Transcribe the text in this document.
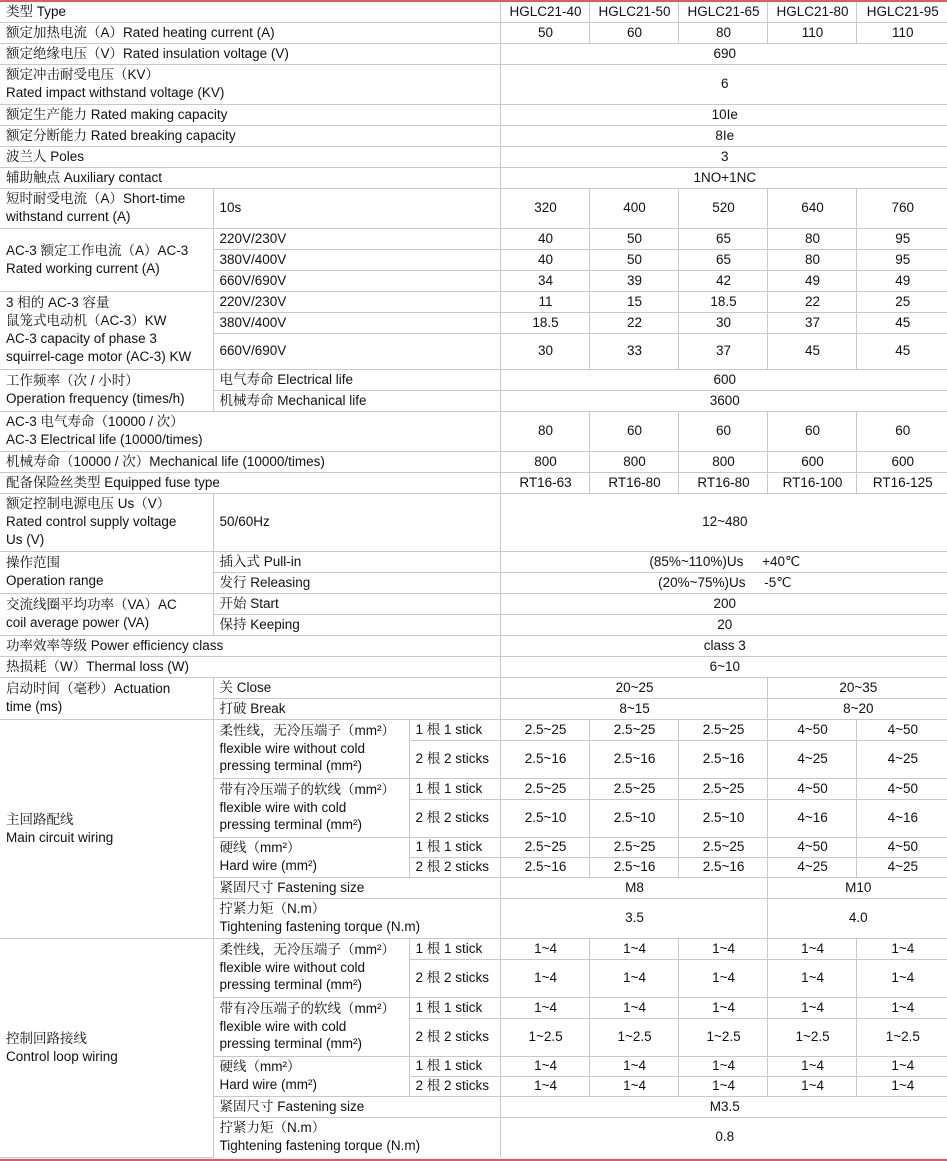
类型 Type			HGLC21-40	HGLC21-50	HGLC21-65	HGLC21-80	HGLC21-95
额定加热电流（A）Rated heating current (A)			50	60	80	110	110
额定绝缘电压（V）Rated insulation voltage (V)			690				

额定冲击耐受电压（KV）
Rated impact withstand voltage (KV)			6				
额定生产能力 Rated making capacity			10Ie				
额定分断能力 Rated breaking capacity			8Ie				
波兰人 Poles			3				
辅助触点 Auxiliary contact			1NO+1NC				

短时耐受电流（A）Short-time
withstand current (A)	10s		320	400	520	640	760

AC-3 额定工作电流（A）AC-3
Rated working current (A)	220V/230V		40	50	65	80	95
	380V/400V		40	50	65	80	95
	660V/690V		34	39	42	49	49

3 相的 AC-3 容量
鼠笼式电动机（AC-3）KW
AC-3 capacity of phase 3
squirrel-cage motor (AC-3) KW	220V/230V		11	15	18.5	22	25
	380V/400V		18.5	22	30	37	45
	660V/690V		30	33	37	45	45

工作频率（次 / 小时）
Operation frequency (times/h)	电气寿命 Electrical life		600				
	机械寿命 Mechanical life		3600				

AC-3 电气寿命（10000 / 次）
AC-3 Electrical life (10000/times)			80	60	60	60	60
机械寿命（10000 / 次）Mechanical life (10000/times)			800	800	800	600	600
配备保险丝类型 Equipped fuse type			RT16-63	RT16-80	RT16-80	RT16-100	RT16-125

额定控制电源电压 Us（V）
Rated control supply voltage
Us (V)	50/60Hz		12~480				

操作范围
Operation range	插入式 Pull-in		(85%~110%)Us +40℃				
	发行 Releasing		(20%~75%)Us -5℃				

交流线圈平均功率（VA）AC
coil average power (VA)	开始 Start		200				
	保持 Keeping		20				
功率效率等级 Power efficiency class			class 3				
热损耗（W）Thermal loss (W)			6~10				

启动时间（毫秒）Actuation
time (ms)	关 Close		20~25			20~35	
	打破 Break		8~15			8~20	

主回路配线
Main circuit wiring	柔性线，无冷压端子（mm²）
flexible wire without cold
pressing terminal (mm²)	1 根 1 stick	2.5~25	2.5~25	2.5~25	4~50	4~50
		2 根 2 sticks	2.5~16	2.5~16	2.5~16	4~25	4~25

	带有冷压端子的软线（mm²）
flexible wire with cold
pressing terminal (mm²)	1 根 1 stick	2.5~25	2.5~25	2.5~25	4~50	4~50
		2 根 2 sticks	2.5~10	2.5~10	2.5~10	4~16	4~16

	硬线（mm²）
Hard wire (mm²)	1 根 1 stick	2.5~25	2.5~25	2.5~25	4~50	4~50
		2 根 2 sticks	2.5~16	2.5~16	2.5~16	4~25	4~25
	紧固尺寸 Fastening size		M8			M10	

	拧紧力矩（N.m）
Tightening fastening torque (N.m)		3.5			4.0	

控制回路接线
Control loop wiring	柔性线，无冷压端子（mm²）
flexible wire without cold
pressing terminal (mm²)	1 根 1 stick	1~4	1~4	1~4	1~4	1~4
		2 根 2 sticks	1~4	1~4	1~4	1~4	1~4

	带有冷压端子的软线（mm²）
flexible wire with cold
pressing terminal (mm²)	1 根 1 stick	1~4	1~4	1~4	1~4	1~4
		2 根 2 sticks	1~2.5	1~2.5	1~2.5	1~2.5	1~2.5

	硬线（mm²）
Hard wire (mm²)	1 根 1 stick	1~4	1~4	1~4	1~4	1~4
		2 根 2 sticks	1~4	1~4	1~4	1~4	1~4
	紧固尺寸 Fastening size		M3.5				

	拧紧力矩（N.m）
Tightening fastening torque (N.m)		0.8				
